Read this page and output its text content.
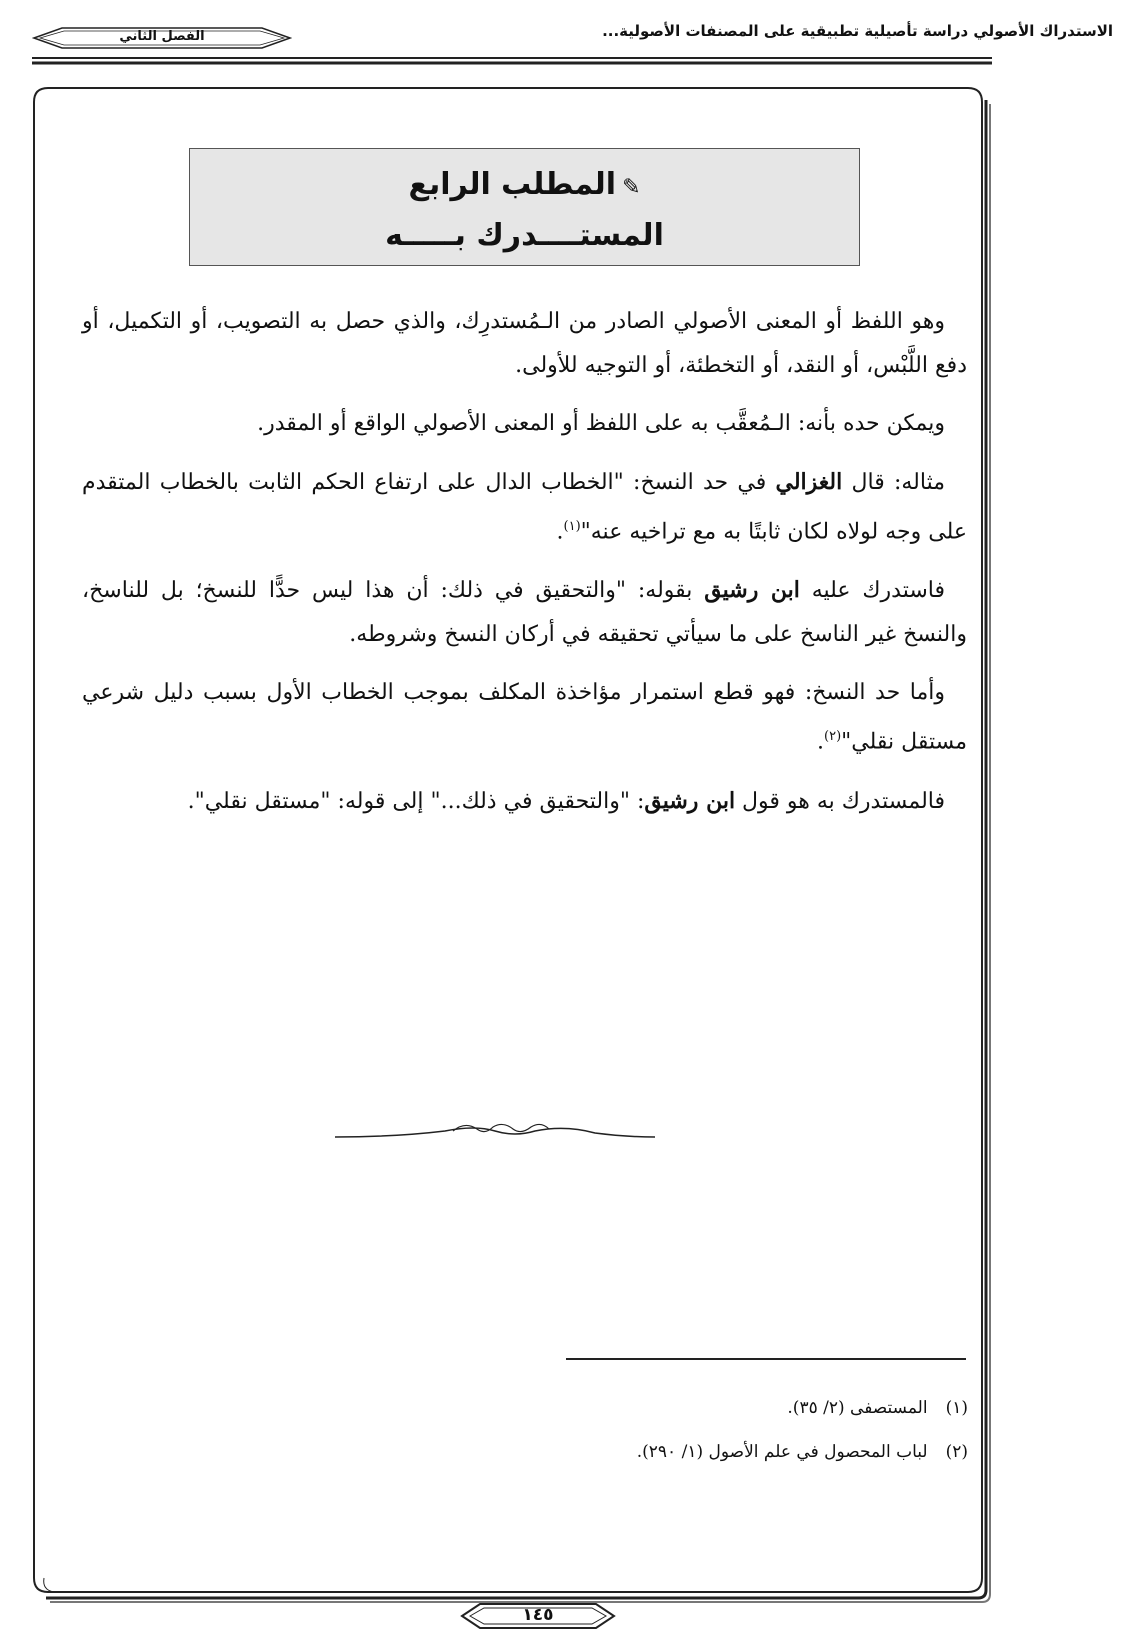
الاستدراك الأصولي دراسة تأصيلية تطبيقية على المصنفات الأصولية...
الفصل الثاني
✎المطلب الرابع
المستــــدرك بـــــه

وهو اللفظ أو المعنى الأصولي الصادر من الـمُستدرِك، والذي حصل به التصويب، أو التكميل، أو دفع اللَّبْس، أو النقد، أو التخطئة، أو التوجيه للأولى.

ويمكن حده بأنه: الـمُعقَّب به على اللفظ أو المعنى الأصولي الواقع أو المقدر.

مثاله: قال الغزالي في حد النسخ: "الخطاب الدال على ارتفاع الحكم الثابت بالخطاب المتقدم على وجه لولاه لكان ثابتًا به مع تراخيه عنه"$^{(١)}$.

فاستدرك عليه ابن رشيق بقوله: "والتحقيق في ذلك: أن هذا ليس حدًّا للنسخ؛ بل للناسخ، والنسخ غير الناسخ على ما سيأتي تحقيقه في أركان النسخ وشروطه.

وأما حد النسخ: فهو قطع استمرار مؤاخذة المكلف بموجب الخطاب الأول بسبب دليل شرعي مستقل نقلي"$^{(٢)}$.

فالمستدرك به هو قول ابن رشيق: "والتحقيق في ذلك..." إلى قوله: "مستقل نقلي".

(١)المستصفى (٢/ ٣٥).
(٢)لباب المحصول في علم الأصول (١/ ٢٩٠).
١٤٥
